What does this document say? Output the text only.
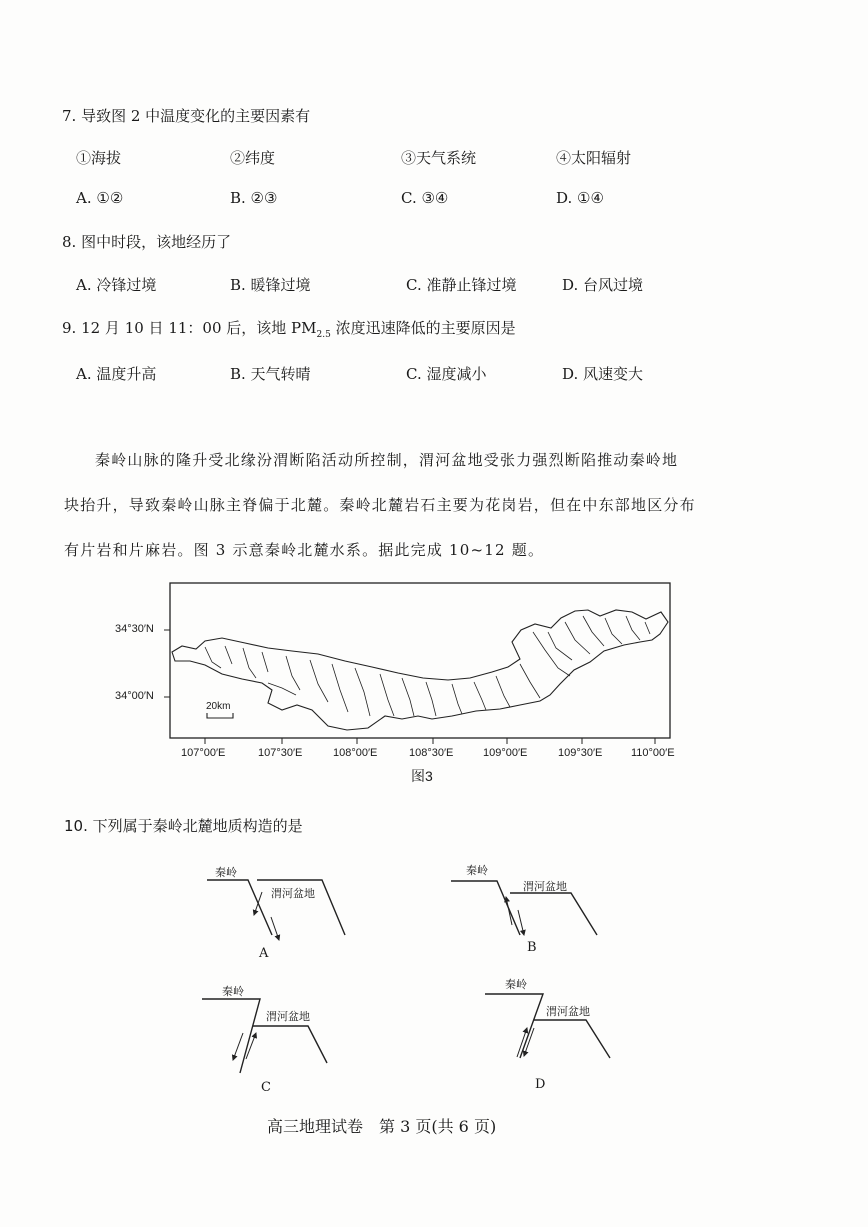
7. 导致图 2 中温度变化的主要因素有
①海拔	②纬度	③天气系统	④太阳辐射
A. ①②	B. ②③	C. ③④	D. ①④
8. 图中时段，该地经历了
A. 冷锋过境	B. 暖锋过境	C. 准静止锋过境	D. 台风过境
9. 12 月 10 日 11：00 后，该地 $PM_{2.5}$ 浓度迅速降低的主要原因是
A. 温度升高	B. 天气转晴	C. 湿度减小	D. 风速变大
秦岭山脉的隆升受北缘汾渭断陷活动所控制，渭河盆地受张力强烈断陷推动秦岭地
块抬升，导致秦岭山脉主脊偏于北麓。秦岭北麓岩石主要为花岗岩，但在中东部地区分布
有片岩和片麻岩。图 3 示意秦岭北麓水系。据此完成 10~12 题。
34°30′N
34°00′N
20km
107°00′E	107°30′E	108°00′E	108°30′E	109°00′E	109°30′E	110°00′E
图3
10. 下列属于秦岭北麓地质构造的是
秦岭
渭河盆地
A
秦岭
渭河盆地
B
秦岭
渭河盆地
C
秦岭
渭河盆地
D
高三地理试卷　第 3 页(共 6 页)
